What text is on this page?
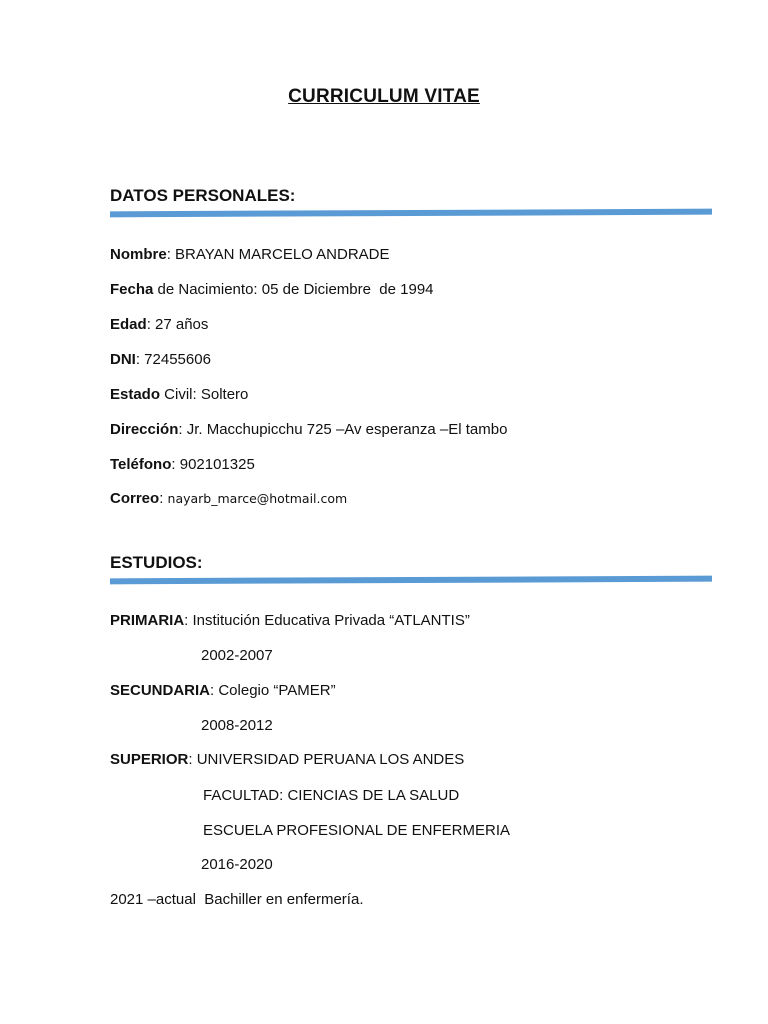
CURRICULUM VITAE
DATOS PERSONALES:
Nombre: BRAYAN MARCELO ANDRADE
Fecha de Nacimiento: 05 de Diciembre  de 1994
Edad: 27 años
DNI: 72455606
Estado Civil: Soltero
Dirección: Jr. Macchupicchu 725 –Av esperanza –El tambo
Teléfono: 902101325
Correo: nayarb_marce@hotmail.com
ESTUDIOS:
PRIMARIA: Institución Educativa Privada “ATLANTIS”
2002-2007
SECUNDARIA: Colegio “PAMER”
2008-2012
SUPERIOR: UNIVERSIDAD PERUANA LOS ANDES
FACULTAD: CIENCIAS DE LA SALUD
ESCUELA PROFESIONAL DE ENFERMERIA
2016-2020
2021 –actual  Bachiller en enfermería.
